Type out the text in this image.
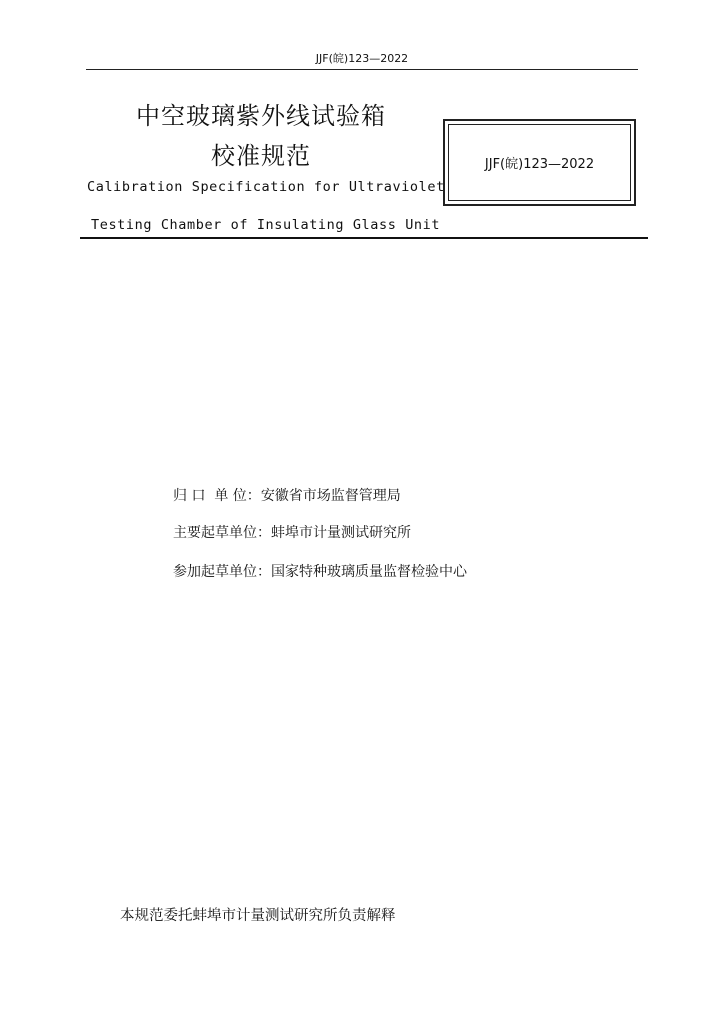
JJF(皖)123—2022
中空玻璃紫外线试验箱
校准规范
Calibration Specification for Ultraviolet
Testing Chamber of Insulating Glass Unit
JJF(皖)123—2022
归 口  单 位：安徽省市场监督管理局
主要起草单位：蚌埠市计量测试研究所
参加起草单位：国家特种玻璃质量监督检验中心
本规范委托蚌埠市计量测试研究所负责解释
